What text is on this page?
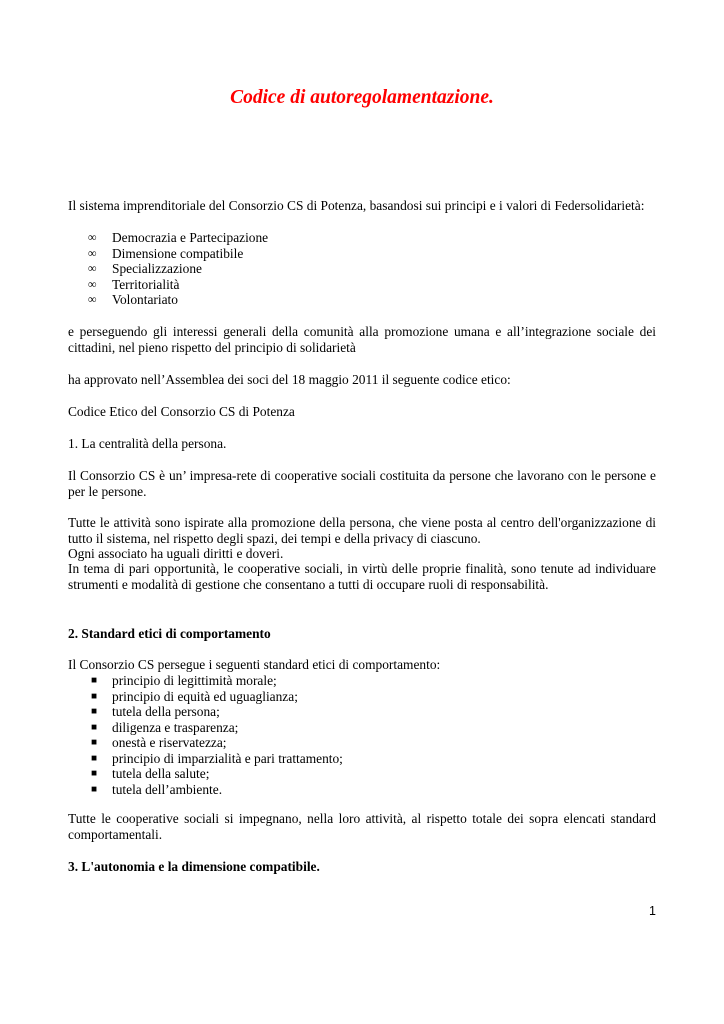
Codice di autoregolamentazione.

Il sistema imprenditoriale del Consorzio CS di Potenza, basandosi sui principi e i valori di Federsolidarietà:

∞ Democrazia e Partecipazione
∞ Dimensione compatibile
∞ Specializzazione
∞ Territorialità
∞ Volontariato

e perseguendo gli interessi generali della comunità alla promozione umana e all’integrazione sociale dei cittadini, nel pieno rispetto del principio di solidarietà

ha approvato nell’Assemblea dei soci del 18 maggio 2011 il seguente codice etico:

Codice Etico del Consorzio CS di Potenza

1. La centralità della persona.

Il Consorzio CS è un’ impresa-rete di cooperative sociali costituita da persone che lavorano con le persone e per le persone.

Tutte le attività sono ispirate alla promozione della persona, che viene posta al centro dell'organizzazione di tutto il sistema, nel rispetto degli spazi, dei tempi e della privacy di ciascuno.

Ogni associato ha uguali diritti e doveri.

In tema di pari opportunità, le cooperative sociali, in virtù delle proprie finalità, sono tenute ad individuare strumenti e modalità di gestione che consentano a tutti di occupare ruoli di responsabilità.

2. Standard etici di comportamento

Il Consorzio CS persegue i seguenti standard etici di comportamento:

■ principio di legittimità morale;
■ principio di equità ed uguaglianza;
■ tutela della persona;
■ diligenza e trasparenza;
■ onestà e riservatezza;
■ principio di imparzialità e pari trattamento;
■ tutela della salute;
■ tutela dell’ambiente.

Tutte le cooperative sociali si impegnano, nella loro attività, al rispetto totale dei sopra elencati standard comportamentali.

3. L'autonomia e la dimensione compatibile.

1
